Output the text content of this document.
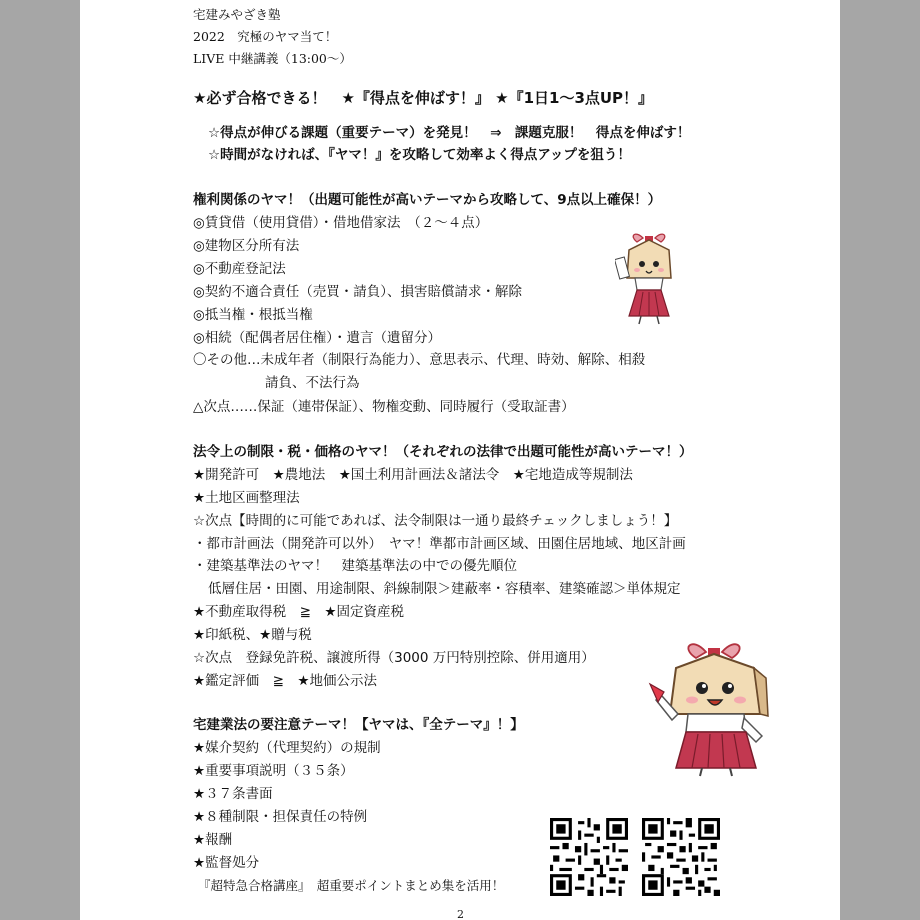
宅建みやざき塾
2022　究極のヤマ当て！
LIVE 中継講義（13:00〜）
★必ず合格できる！　★『得点を伸ばす！』 ★『1日1〜3点UP！』
☆得点が伸びる課題（重要テーマ）を発見！　⇒　課題克服！　得点を伸ばす！
☆時間がなければ、『ヤマ！』を攻略して効率よく得点アップを狙う！
権利関係のヤマ！（出題可能性が高いテーマから攻略して、9点以上確保！）
◎賃貸借（使用貸借）・借地借家法　（２〜４点）
◎建物区分所有法
◎不動産登記法
◎契約不適合責任（売買・請負）、損害賠償請求・解除
◎抵当権・根抵当権
◎相続（配偶者居住権）・遺言（遺留分）
〇その他…未成年者（制限行為能力）、意思表示、代理、時効、解除、相殺
請負、不法行為
△次点……保証（連帯保証）、物権変動、同時履行（受取証書）
法令上の制限・税・価格のヤマ！（それぞれの法律で出題可能性が高いテーマ！）
★開発許可　★農地法　★国土利用計画法＆諸法令　★宅地造成等規制法
★土地区画整理法
☆次点【時間的に可能であれば、法令制限は一通り最終チェックしましょう！】
・都市計画法（開発許可以外）　ヤマ！準都市計画区域、田園住居地域、地区計画
・建築基準法のヤマ！　建築基準法の中での優先順位
低層住居・田園、用途制限、斜線制限＞建蔽率・容積率、建築確認＞単体規定
★不動産取得税　≧　★固定資産税
★印紙税、★贈与税
☆次点　登録免許税、譲渡所得（3000 万円特別控除、併用適用）
★鑑定評価　≧　★地価公示法
宅建業法の要注意テーマ！【ヤマは、『全テーマ』！】
★媒介契約（代理契約）の規制
★重要事項説明（３５条）
★３７条書面
★８種制限・担保責任の特例
★報酬
★監督処分
『超特急合格講座』　超重要ポイントまとめ集を活用！
2
